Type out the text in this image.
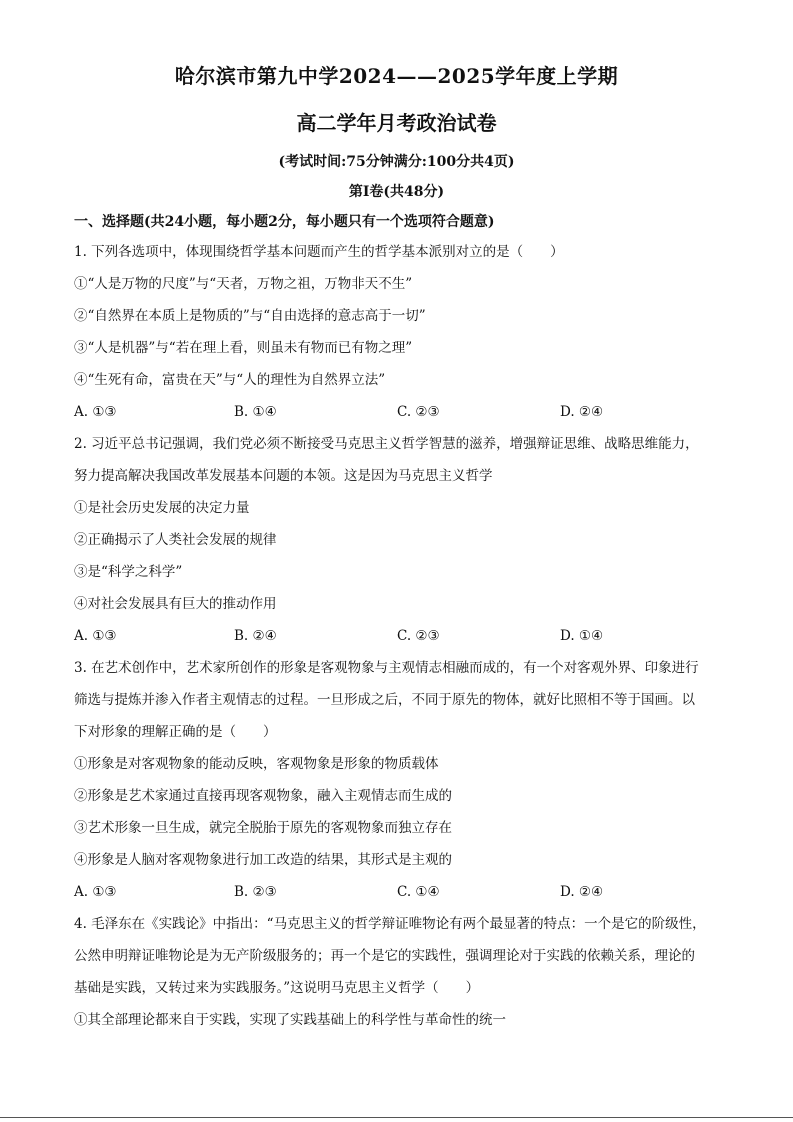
哈尔滨市第九中学2024——2025学年度上学期
高二学年月考政治试卷
(考试时间:75分钟满分:100分共4页)
第Ⅰ卷(共48分)
一、选择题(共24小题，每小题2分，每小题只有一个选项符合题意)
1. 下列各选项中，体现围绕哲学基本问题而产生的哲学基本派别对立的是（　　）
①“人是万物的尺度”与“天者，万物之祖，万物非天不生”
②“自然界在本质上是物质的”与“自由选择的意志高于一切”
③“人是机器”与“若在理上看，则虽未有物而已有物之理”
④“生死有命，富贵在天”与“人的理性为自然界立法”
A. ①③	B. ①④	C. ②③	D. ②④
2. 习近平总书记强调，我们党必须不断接受马克思主义哲学智慧的滋养，增强辩证思维、战略思维能力，
努力提高解决我国改革发展基本问题的本领。这是因为马克思主义哲学
①是社会历史发展的决定力量
②正确揭示了人类社会发展的规律
③是“科学之科学”
④对社会发展具有巨大的推动作用
A. ①③	B. ②④	C. ②③	D. ①④
3. 在艺术创作中，艺术家所创作的形象是客观物象与主观情志相融而成的，有一个对客观外界、印象进行
筛选与提炼并渗入作者主观情志的过程。一旦形成之后，不同于原先的物体，就好比照相不等于国画。以
下对形象的理解正确的是（　　）
①形象是对客观物象的能动反映，客观物象是形象的物质载体
②形象是艺术家通过直接再现客观物象，融入主观情志而生成的
③艺术形象一旦生成，就完全脱胎于原先的客观物象而独立存在
④形象是人脑对客观物象进行加工改造的结果，其形式是主观的
A. ①③	B. ②③	C. ①④	D. ②④
4. 毛泽东在《实践论》中指出：“马克思主义的哲学辩证唯物论有两个最显著的特点：一个是它的阶级性，
公然申明辩证唯物论是为无产阶级服务的；再一个是它的实践性，强调理论对于实践的依赖关系，理论的
基础是实践，又转过来为实践服务。”这说明马克思主义哲学（　　）
①其全部理论都来自于实践，实现了实践基础上的科学性与革命性的统一
